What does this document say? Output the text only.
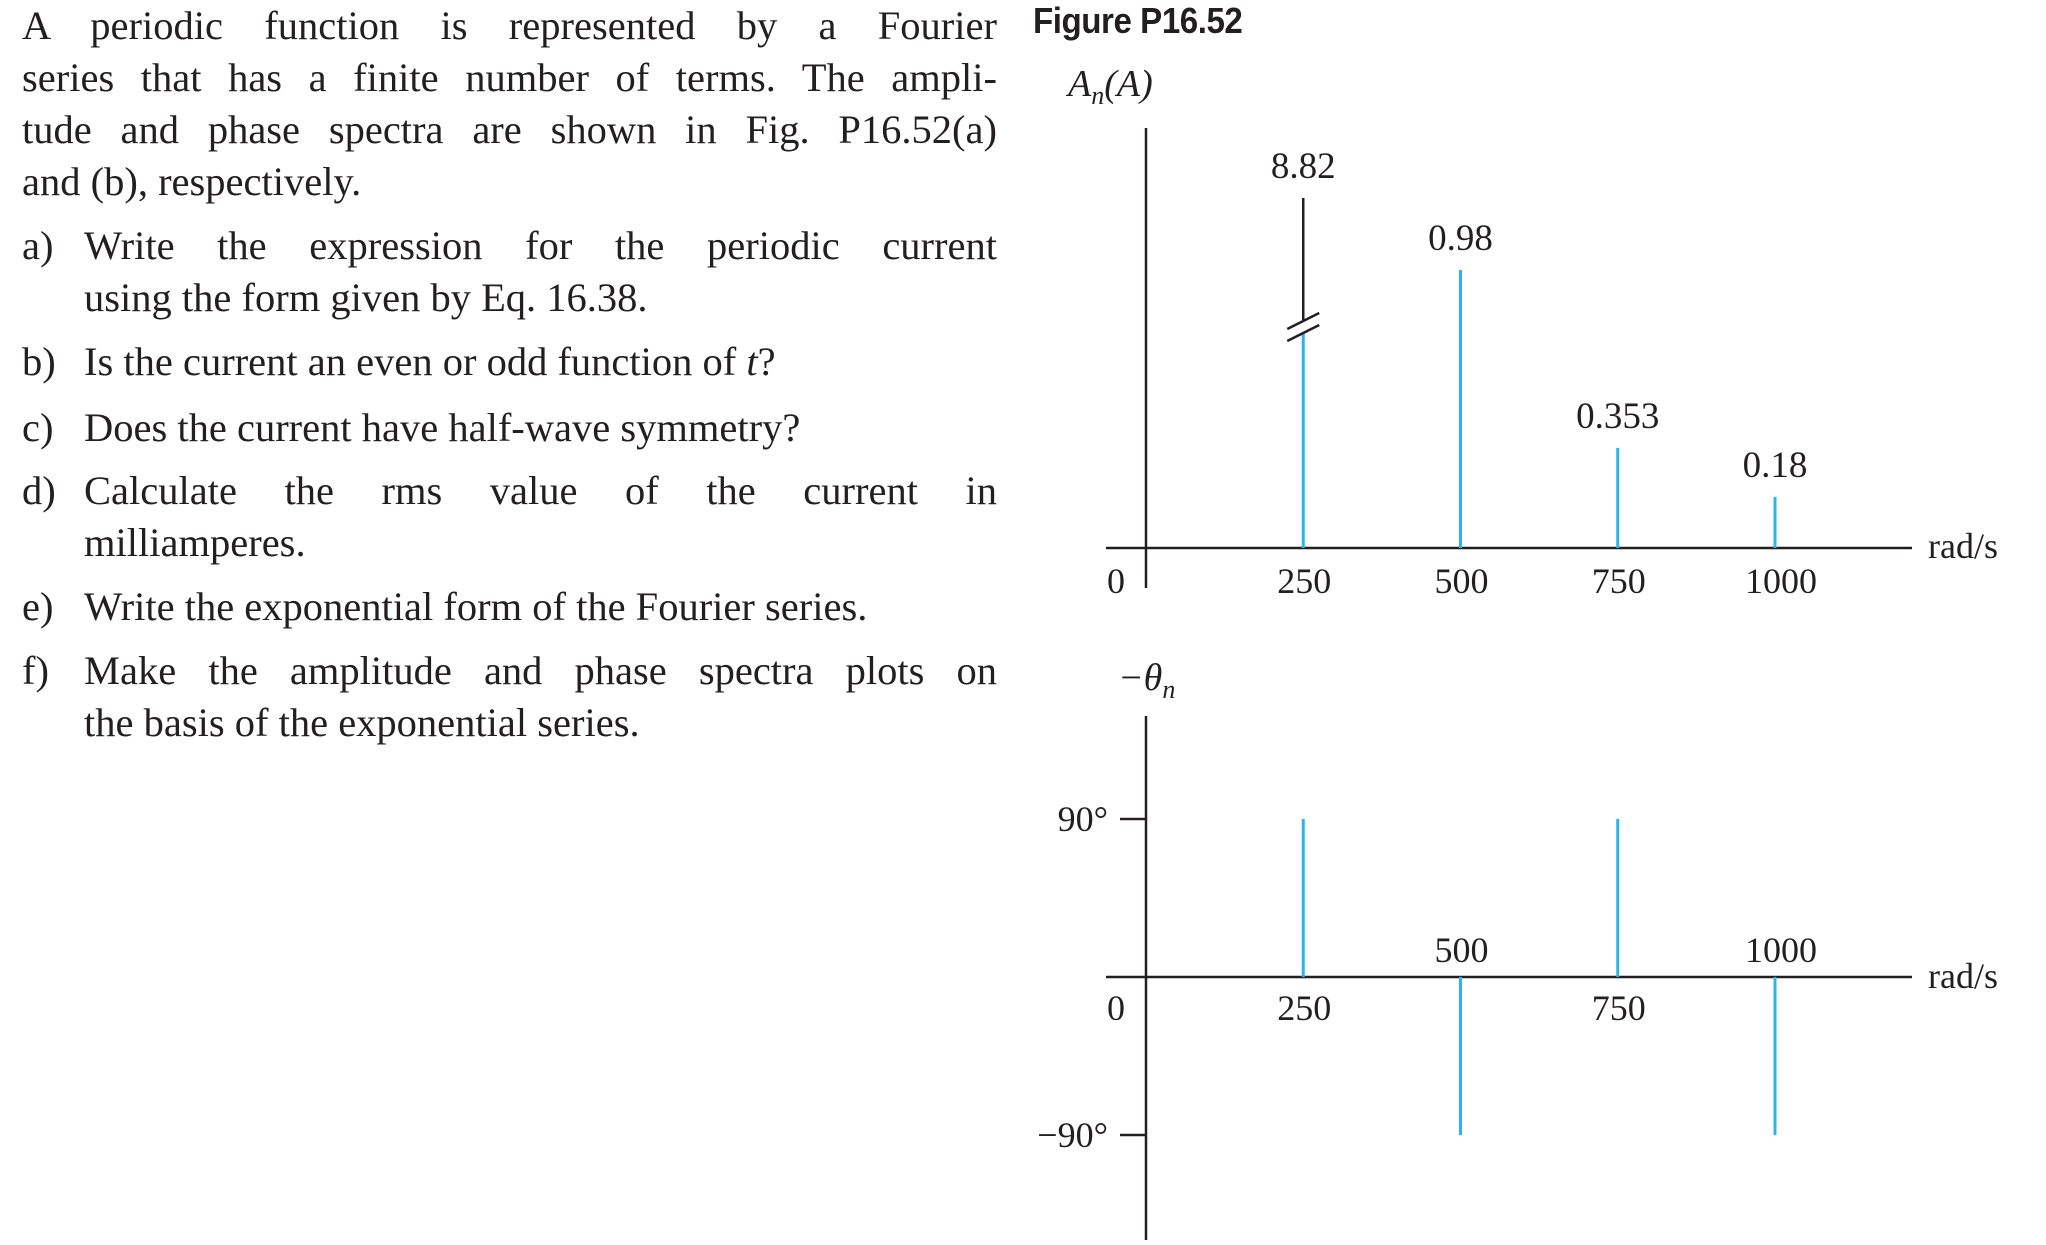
A periodic function is represented by a Fourier
series that has a finite number of terms. The ampli-
tude and phase spectra are shown in Fig. P16.52(a)
and (b), respectively.
a) Write the expression for the periodic current
using the form given by Eq. 16.38.
b) Is the current an even or odd function of t?
c) Does the current have half-wave symmetry?
d) Calculate the rms value of the current in
milliamperes.
e) Write the exponential form of the Fourier series.
f) Make the amplitude and phase spectra plots on
the basis of the exponential series.
Figure P16.52
$A_n(A)$
0
rad/s
8.82
250
0.98
500
0.353
750
0.18
1000
$-\theta_n$
0
rad/s
90°
−90°
250
500
750
1000
